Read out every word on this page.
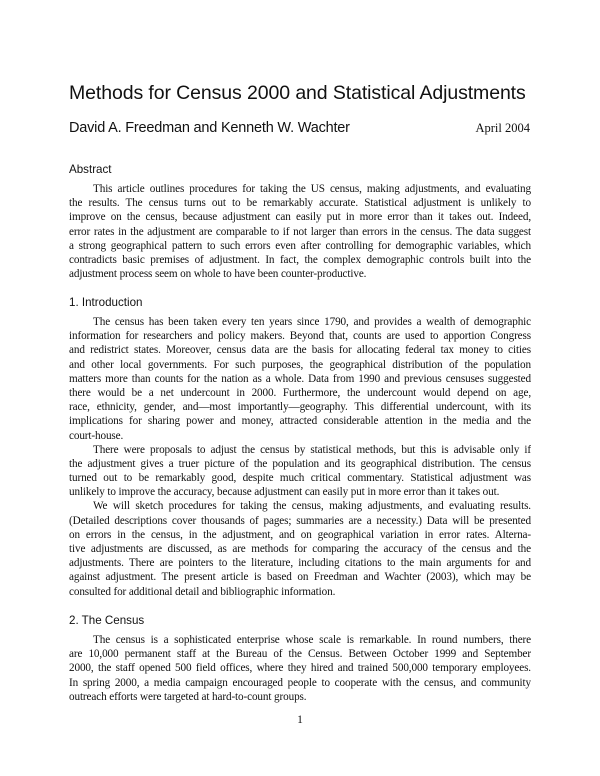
Methods for Census 2000 and Statistical Adjustments
David A. Freedman and Kenneth W. Wachter	April 2004
Abstract
This article outlines procedures for taking the US census, making adjustments, and evaluating
the results. The census turns out to be remarkably accurate. Statistical adjustment is unlikely to
improve on the census, because adjustment can easily put in more error than it takes out. Indeed,
error rates in the adjustment are comparable to if not larger than errors in the census. The data suggest
a strong geographical pattern to such errors even after controlling for demographic variables, which
contradicts basic premises of adjustment. In fact, the complex demographic controls built into the
adjustment process seem on whole to have been counter-productive.
1. Introduction
The census has been taken every ten years since 1790, and provides a wealth of demographic
information for researchers and policy makers. Beyond that, counts are used to apportion Congress
and redistrict states. Moreover, census data are the basis for allocating federal tax money to cities
and other local governments. For such purposes, the geographical distribution of the population
matters more than counts for the nation as a whole. Data from 1990 and previous censuses suggested
there would be a net undercount in 2000. Furthermore, the undercount would depend on age,
race, ethnicity, gender, and—most importantly—geography. This differential undercount, with its
implications for sharing power and money, attracted considerable attention in the media and the
court-house.
There were proposals to adjust the census by statistical methods, but this is advisable only if
the adjustment gives a truer picture of the population and its geographical distribution. The census
turned out to be remarkably good, despite much critical commentary. Statistical adjustment was
unlikely to improve the accuracy, because adjustment can easily put in more error than it takes out.
We will sketch procedures for taking the census, making adjustments, and evaluating results.
(Detailed descriptions cover thousands of pages; summaries are a necessity.) Data will be presented
on errors in the census, in the adjustment, and on geographical variation in error rates. Alterna-
tive adjustments are discussed, as are methods for comparing the accuracy of the census and the
adjustments. There are pointers to the literature, including citations to the main arguments for and
against adjustment. The present article is based on Freedman and Wachter (2003), which may be
consulted for additional detail and bibliographic information.
2. The Census
The census is a sophisticated enterprise whose scale is remarkable. In round numbers, there
are 10,000 permanent staff at the Bureau of the Census. Between October 1999 and September
2000, the staff opened 500 field offices, where they hired and trained 500,000 temporary employees.
In spring 2000, a media campaign encouraged people to cooperate with the census, and community
outreach efforts were targeted at hard-to-count groups.
1
